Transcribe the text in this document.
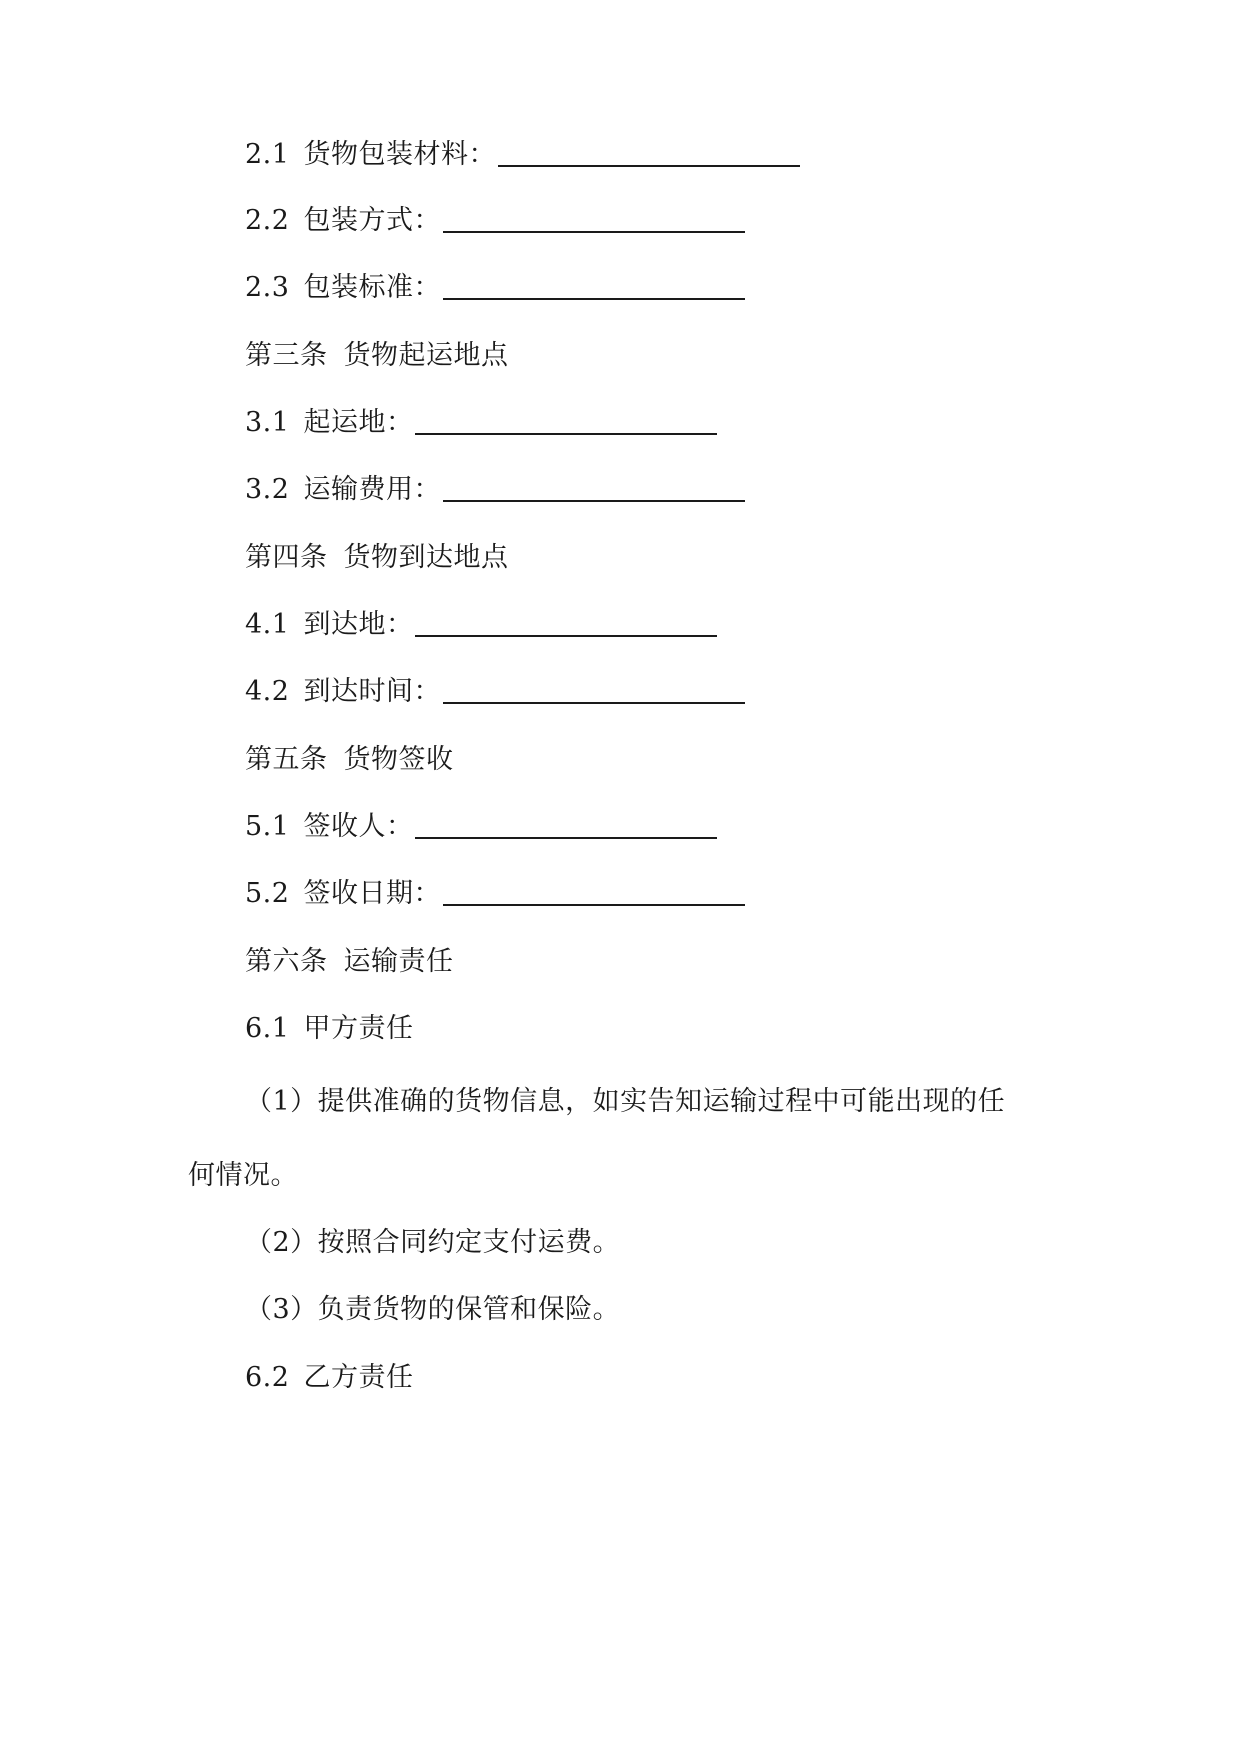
2.1 货物包装材料：
2.2 包装方式：
2.3 包装标准：
第三条 货物起运地点
3.1 起运地：
3.2 运输费用：
第四条 货物到达地点
4.1 到达地：
4.2 到达时间：
第五条 货物签收
5.1 签收人：
5.2 签收日期：
第六条 运输责任
6.1 甲方责任
（1）提供准确的货物信息，如实告知运输过程中可能出现的任
何情况。
（2）按照合同约定支付运费。
（3）负责货物的保管和保险。
6.2 乙方责任
